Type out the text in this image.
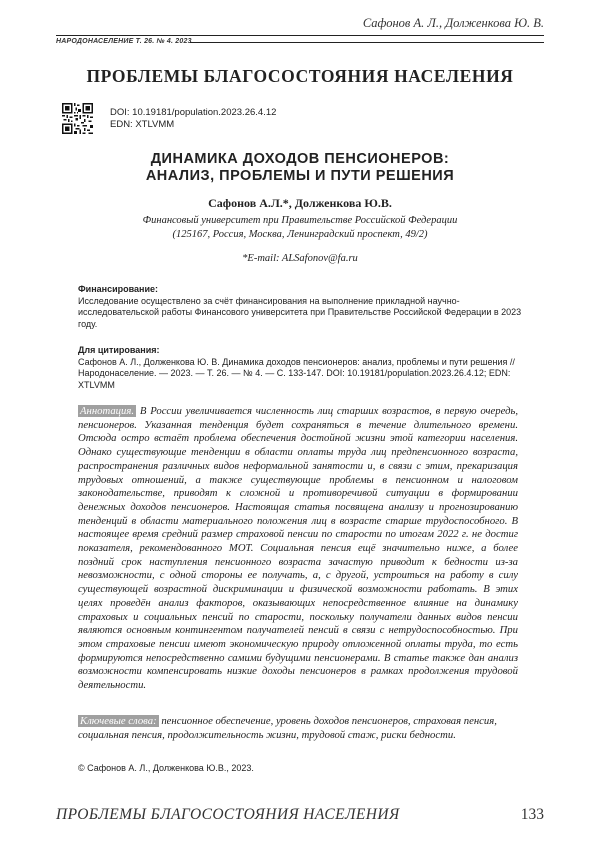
Сафонов А. Л., Долженкова Ю. В.
НАРОДОНАСЕЛЕНИЕ Т. 26. № 4. 2023
ПРОБЛЕМЫ БЛАГОСОСТОЯНИЯ НАСЕЛЕНИЯ
DOI: 10.19181/population.2023.26.4.12
EDN: XTLVMM
ДИНАМИКА ДОХОДОВ ПЕНСИОНЕРОВ:
АНАЛИЗ, ПРОБЛЕМЫ И ПУТИ РЕШЕНИЯ
Сафонов А.Л.*, Долженкова Ю.В.
Финансовый университет при Правительстве Российской Федерации
(125167, Россия, Москва, Ленинградский проспект, 49/2)
*E-mail: ALSafonov@fa.ru
Финансирование:
Исследование осуществлено за счёт финансирования на выполнение прикладной научно-исследовательской работы Финансового университета при Правительстве Российской Федерации в 2023 году.
Для цитирования:
Сафонов А. Л., Долженкова Ю. В. Динамика доходов пенсионеров: анализ, проблемы и пути решения // Народонаселение. — 2023. — Т. 26. — № 4. — С. 133-147. DOI: 10.19181/population.2023.26.4.12; EDN: XTLVMM

Аннотация. В России увеличивается численность лиц старших возрастов, в первую очередь, пенсионеров. Указанная тенденция будет сохраняться в течение длительного времени. Отсюда остро встаёт проблема обеспечения достойной жизни этой категории населения. Однако существующие тенденции в области оплаты труда лиц предпенсионного возраста, распространения различных видов неформальной занятости и, в связи с этим, прекаризация трудовых отношений, а также существующие проблемы в пенсионном и налоговом законодательстве, приводят к сложной и противоречивой ситуации в формировании денежных доходов пенсионеров. Настоящая статья посвящена анализу и прогнозированию тенденций в области материального положения лиц в возрасте старше трудоспособного. В настоящее время средний размер страховой пенсии по старости по итогам 2022 г. не достиг показателя, рекомендованного МОТ. Социальная пенсия ещё значительно ниже, а более поздний срок наступления пенсионного возраста зачастую приводит к бедности из-за невозможности, с одной стороны ее получать, а, с другой, устроиться на работу в силу существующей возрастной дискриминации и физической возможности работать. В этих целях проведён анализ факторов, оказывающих непосредственное влияние на динамику страховых и социальных пенсий по старости, поскольку получатели данных видов пенсии являются основным контингентом получателей пенсий в связи с нетрудоспособностью. При этом страховые пенсии имеют экономическую природу отложенной оплаты труда, то есть формируются непосредственно самими будущими пенсионерами. В статье также дан анализ возможности компенсировать низкие доходы пенсионеров в рамках продолжения трудовой деятельности.

Ключевые слова: пенсионное обеспечение, уровень доходов пенсионеров, страховая пенсия, социальная пенсия, продолжительность жизни, трудовой стаж, риски бедности.

© Сафонов А. Л., Долженкова Ю.В., 2023.
ПРОБЛЕМЫ БЛАГОСОСТОЯНИЯ НАСЕЛЕНИЯ	133
